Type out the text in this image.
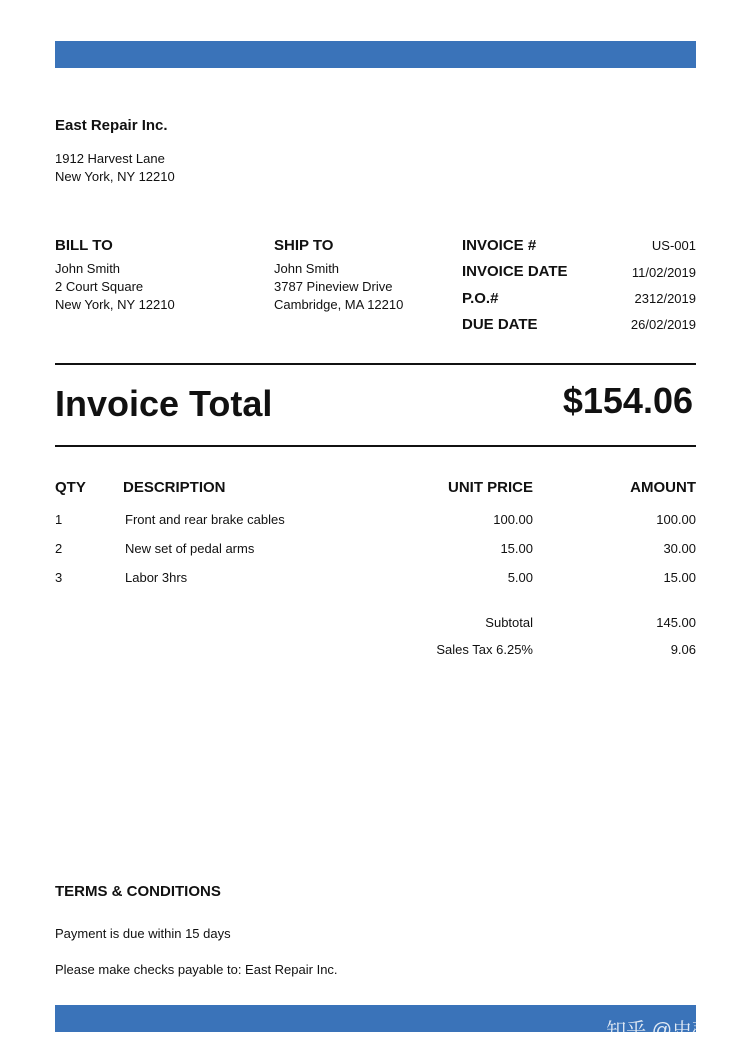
East Repair Inc.
1912 Harvest Lane
New York, NY 12210
BILL TO
John Smith
2 Court Square
New York, NY 12210
SHIP TO
John Smith
3787 Pineview Drive
Cambridge, MA 12210
INVOICE #	US-001
INVOICE DATE	11/02/2019
P.O.#	2312/2019
DUE DATE	26/02/2019
Invoice Total	$154.06
QTY DESCRIPTION	UNIT PRICE	AMOUNT
1	Front and rear brake cables	100.00	100.00
2	New set of pedal arms	15.00	30.00
3	Labor 3hrs	5.00	15.00
Subtotal	145.00
Sales Tax 6.25%	9.06
TERMS & CONDITIONS
Payment is due within 15 days
Please make checks payable to: East Repair Inc.
知乎 @史蒂芬
